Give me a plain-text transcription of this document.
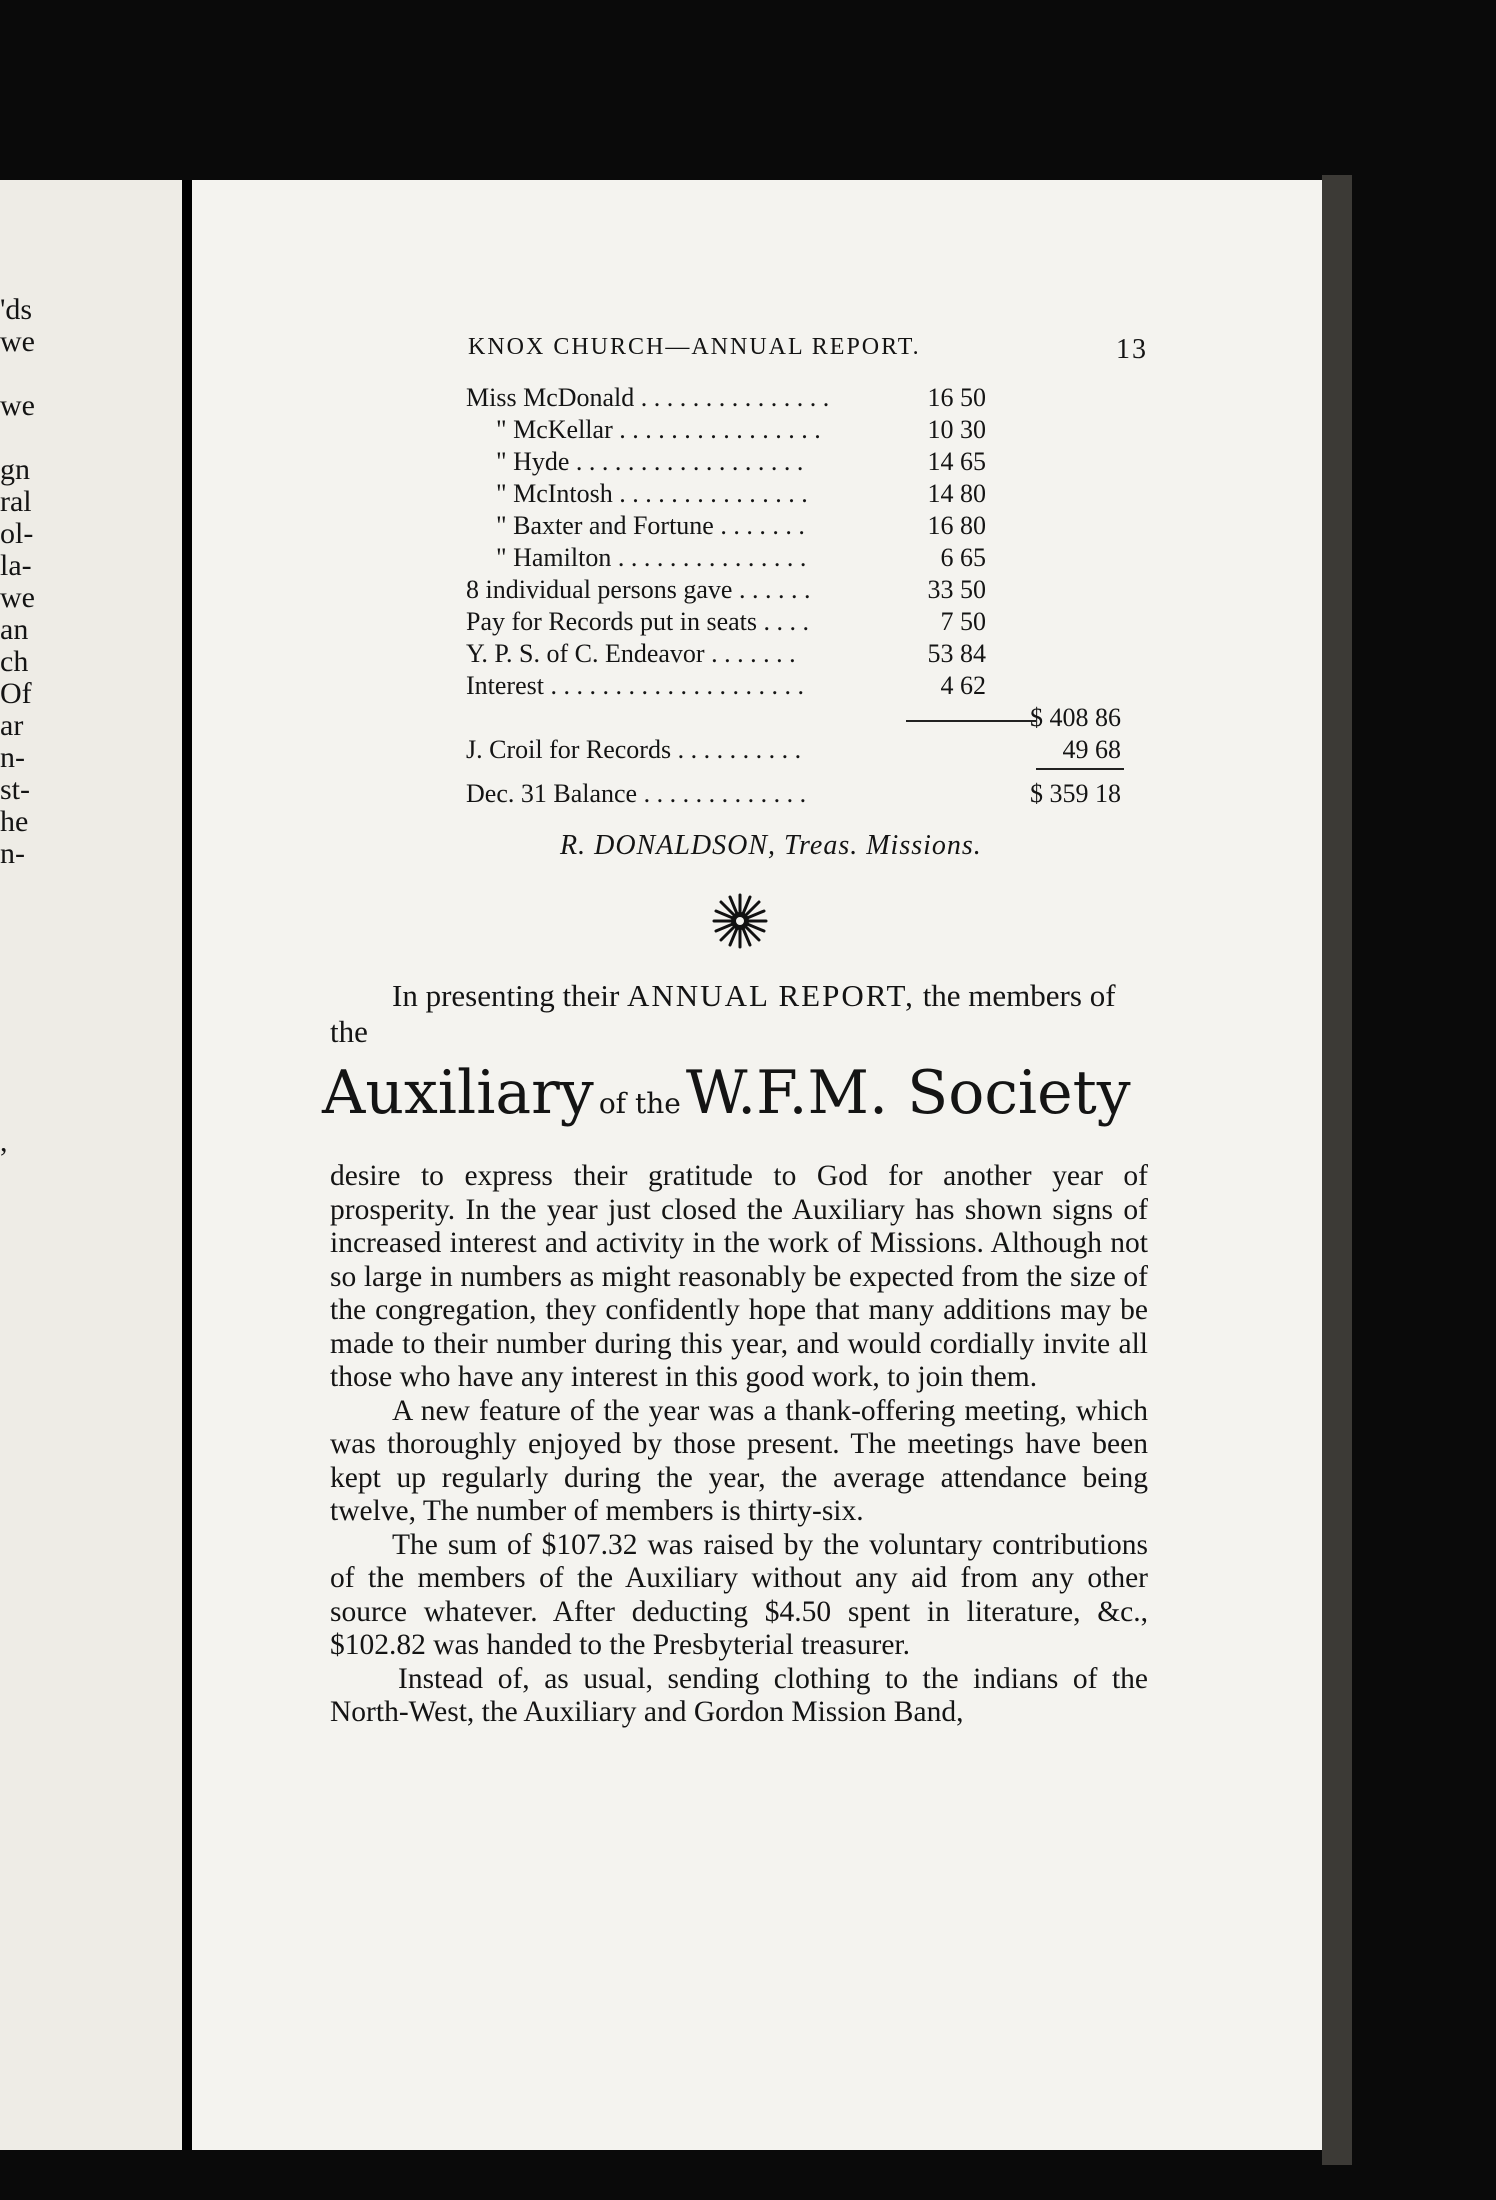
'ds
we
we
gn
ral
ol-
la-
we
an
ch
Of
ar
n-
st-
he
n-
,
KNOX CHURCH—ANNUAL REPORT.	13
Miss McDonald . . . . . . . . . . . . . . .	16 50
" McKellar . . . . . . . . . . . . . . . .	10 30
" Hyde . . . . . . . . . . . . . . . . . .	14 65
" McIntosh . . . . . . . . . . . . . . .	14 80
" Baxter and Fortune . . . . . . .	16 80
" Hamilton . . . . . . . . . . . . . . .	6 65
8 individual persons gave . . . . . .	33 50
Pay for Records put in seats . . . .	7 50
Y. P. S. of C. Endeavor . . . . . . .	53 84
Interest . . . . . . . . . . . . . . . . . . . .	4 62
$ 408 86
J. Croil for Records . . . . . . . . . .	49 68
Dec. 31 Balance . . . . . . . . . . . . .	$ 359 18
R. DONALDSON, Treas. Missions.
In presenting their ANNUAL REPORT, the members of the
Auxiliary of the W.F.M. Society

desire to express their gratitude to God for another year of prosperity. In the year just closed the Auxiliary has shown signs of increased interest and activity in the work of Missions. Although not so large in numbers as might reasonably be expected from the size of the congregation, they confidently hope that many additions may be made to their number during this year, and would cordially invite all those who have any interest in this good work, to join them.

A new feature of the year was a thank-offering meeting, which was thoroughly enjoyed by those present. The meetings have been kept up regularly during the year, the average attendance being twelve, The number of members is thirty-six.

The sum of $107.32 was raised by the voluntary contributions of the members of the Auxiliary without any aid from any other source whatever. After deducting $4.50 spent in literature, &c., $102.82 was handed to the Presbyterial treasurer.

Instead of, as usual, sending clothing to the indians of the North-West, the Auxiliary and Gordon Mission Band,
